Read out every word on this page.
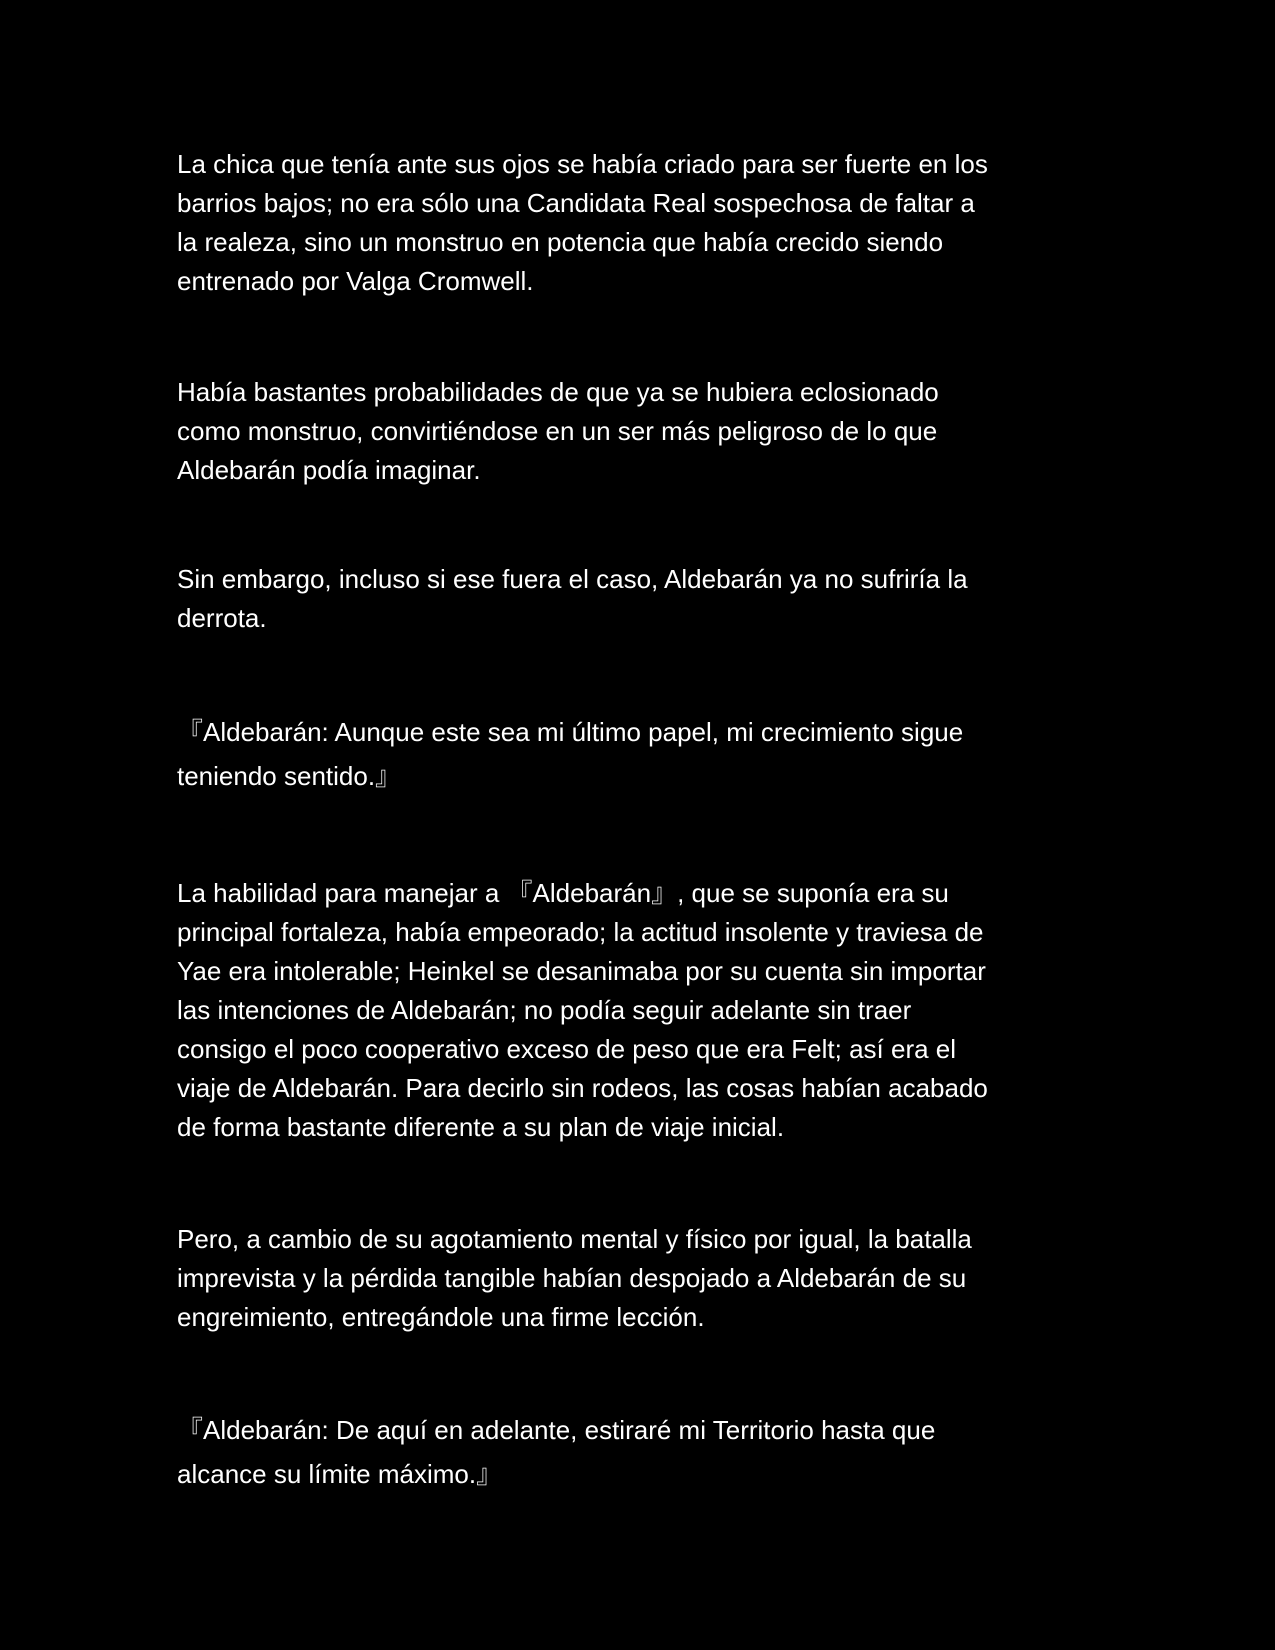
La chica que tenía ante sus ojos se había criado para ser fuerte en los
barrios bajos; no era sólo una Candidata Real sospechosa de faltar a
la realeza, sino un monstruo en potencia que había crecido siendo
entrenado por Valga Cromwell.

Había bastantes probabilidades de que ya se hubiera eclosionado
como monstruo, convirtiéndose en un ser más peligroso de lo que
Aldebarán podía imaginar.

Sin embargo, incluso si ese fuera el caso, Aldebarán ya no sufriría la
derrota.

『Aldebarán: Aunque este sea mi último papel, mi crecimiento sigue
teniendo sentido.』

La habilidad para manejar a 『Aldebarán』, que se suponía era su
principal fortaleza, había empeorado; la actitud insolente y traviesa de
Yae era intolerable; Heinkel se desanimaba por su cuenta sin importar
las intenciones de Aldebarán; no podía seguir adelante sin traer
consigo el poco cooperativo exceso de peso que era Felt; así era el
viaje de Aldebarán. Para decirlo sin rodeos, las cosas habían acabado
de forma bastante diferente a su plan de viaje inicial.

Pero, a cambio de su agotamiento mental y físico por igual, la batalla
imprevista y la pérdida tangible habían despojado a Aldebarán de su
engreimiento, entregándole una firme lección.

『Aldebarán: De aquí en adelante, estiraré mi Territorio hasta que
alcance su límite máximo.』
